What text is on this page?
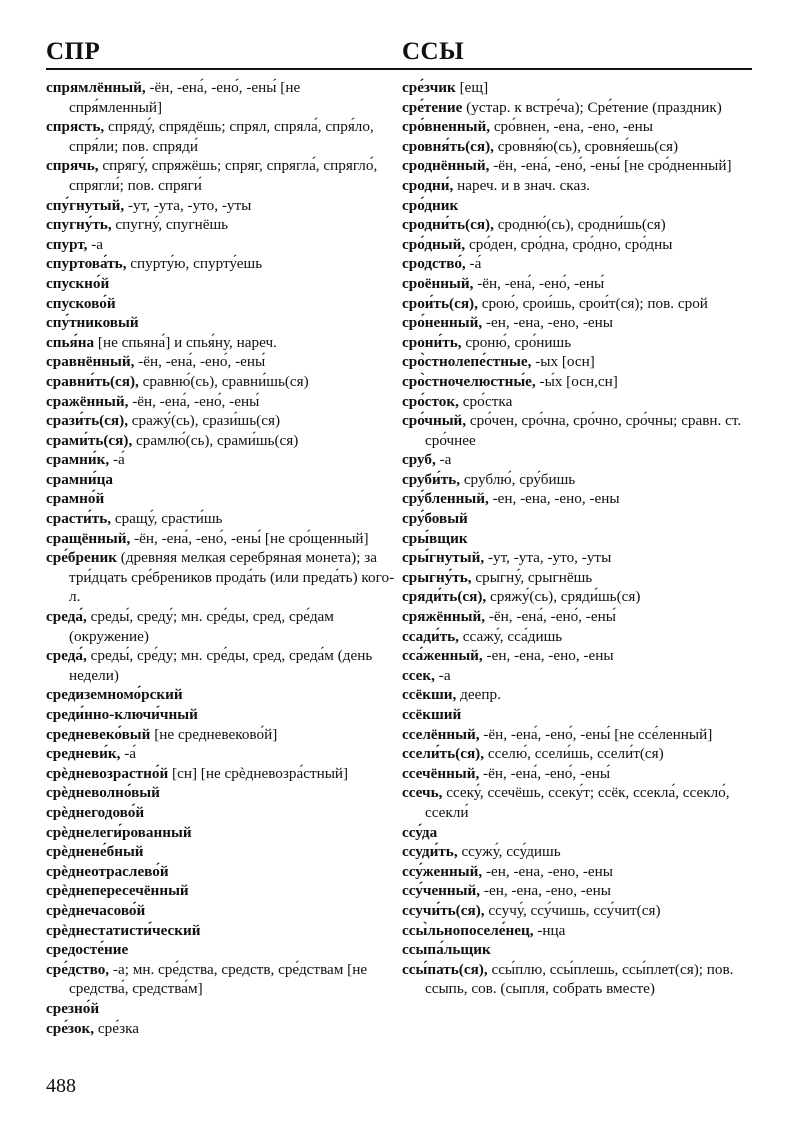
СПР	ССЫ

спрямлённый, -ён, -ена́, -ено́, -ены́ [не спря́мленный]

спрясть, спряду́, спрядёшь; спрял, спряла́, спря́ло, спря́ли; пов. спряди́

спрячь, спрягу́, спряжёшь; спряг, спрягла́, спрягло́, спрягли́; пов. спряги́

спу́гнутый, -ут, -ута, -уто, -уты

спугну́ть, спугну́, спугнёшь

спурт, -а

спуртова́ть, спурту́ю, спурту́ешь

спускно́й

спусково́й

спу́тниковый

спья́на [не спьяна́] и спья́ну, нареч.

сравнённый, -ён, -ена́, -ено́, -ены́

сравни́ть(ся), сравню́(сь), сравни́шь(ся)

сражённый, -ён, -ена́, -ено́, -ены́

срази́ть(ся), сражу́(сь), срази́шь(ся)

срами́ть(ся), срамлю́(сь), срами́шь(ся)

срамни́к, -а́

срамни́ца

срамно́й

срасти́ть, сращу́, срасти́шь

сращённый, -ён, -ена́, -ено́, -ены́ [не сро́щенный]

сре́бреник (древняя мелкая серебряная монета); за три́дцать сре́бреников прода́ть (или преда́ть) кого-л.

среда́, среды́, среду́; мн. сре́ды, сред, сре́дам (окружение)

среда́, среды́, сре́ду; мн. сре́ды, сред, среда́м (день недели)

средиземномо́рский

среди́нно-ключи́чный

средневеко́вый [не средневеково́й]

средневи́к, -а́

срѐдневозрастно́й [сн] [не срѐдневозра́стный]

срѐдневолно́вый

срѐднегодово́й

срѐднелеги́рованный

срѐднене́бный

срѐднеотраслево́й

срѐднепересечённый

срѐднечасово́й

срѐднестатисти́ческий

средосте́ние

сре́дство, -а; мн. сре́дства, средств, сре́дствам [не средства́, средства́м]

срезно́й

сре́зок, сре́зка

сре́зчик [ещ]

сре́тение (устар. к встре́ча); Сре́тение (праздник)

сро́вненный, сро́внен, -ена, -ено, -ены

сровня́ть(ся), сровня́ю(сь), сровня́ешь(ся)

сроднённый, -ён, -ена́, -ено́, -ены́ [не сро́дненный]

сродни́, нареч. и в знач. сказ.

сро́дник

сродни́ть(ся), сродню́(сь), сродни́шь(ся)

сро́дный, сро́ден, сро́дна, сро́дно, сро́дны

сродство́, -а́

сроённый, -ён, -ена́, -ено́, -ены́

срои́ть(ся), срою́, срои́шь, срои́т(ся); пов. срой

сро́ненный, -ен, -ена, -ено, -ены

срони́ть, сроню́, сро́нишь

сро̀стнолепе́стные, -ых [осн]

сро̀стночелюстны́е, -ы́х [осн,сн]

сро́сток, сро́стка

сро́чный, сро́чен, сро́чна, сро́чно, сро́чны; сравн. ст. сро́чнее

сруб, -а

сруби́ть, срублю́, сру́бишь

сру́бленный, -ен, -ена, -ено, -ены

сру́бовый

сры́вщик

сры́гнутый, -ут, -ута, -уто, -уты

срыгну́ть, срыгну́, срыгнёшь

сряди́ть(ся), сряжу́(сь), сряди́шь(ся)

сряжённый, -ён, -ена́, -ено́, -ены́

ссади́ть, ссажу́, сса́дишь

сса́женный, -ен, -ена, -ено, -ены

ссек, -а

ссёкши, деепр.

ссёкший

сселённый, -ён, -ена́, -ено́, -ены́ [не ссе́ленный]

ссели́ть(ся), сселю́, ссели́шь, ссели́т(ся)

ссечённый, -ён, -ена́, -ено́, -ены́

ссечь, ссеку́, ссечёшь, ссеку́т; ссёк, ссекла́, ссекло́, ссекли́

ссу́да

ссуди́ть, ссужу́, ссу́дишь

ссу́женный, -ен, -ена, -ено, -ены

ссу́ченный, -ен, -ена, -ено, -ены

ссучи́ть(ся), ссучу́, ссу́чишь, ссу́чит(ся)

ссы̀льнопоселе́нец, -нца

ссыпа́льщик

ссы́пать(ся), ссы́плю, ссы́плешь, ссы́плет(ся); пов. ссыпь, сов. (сыпля, собрать вместе)

488
